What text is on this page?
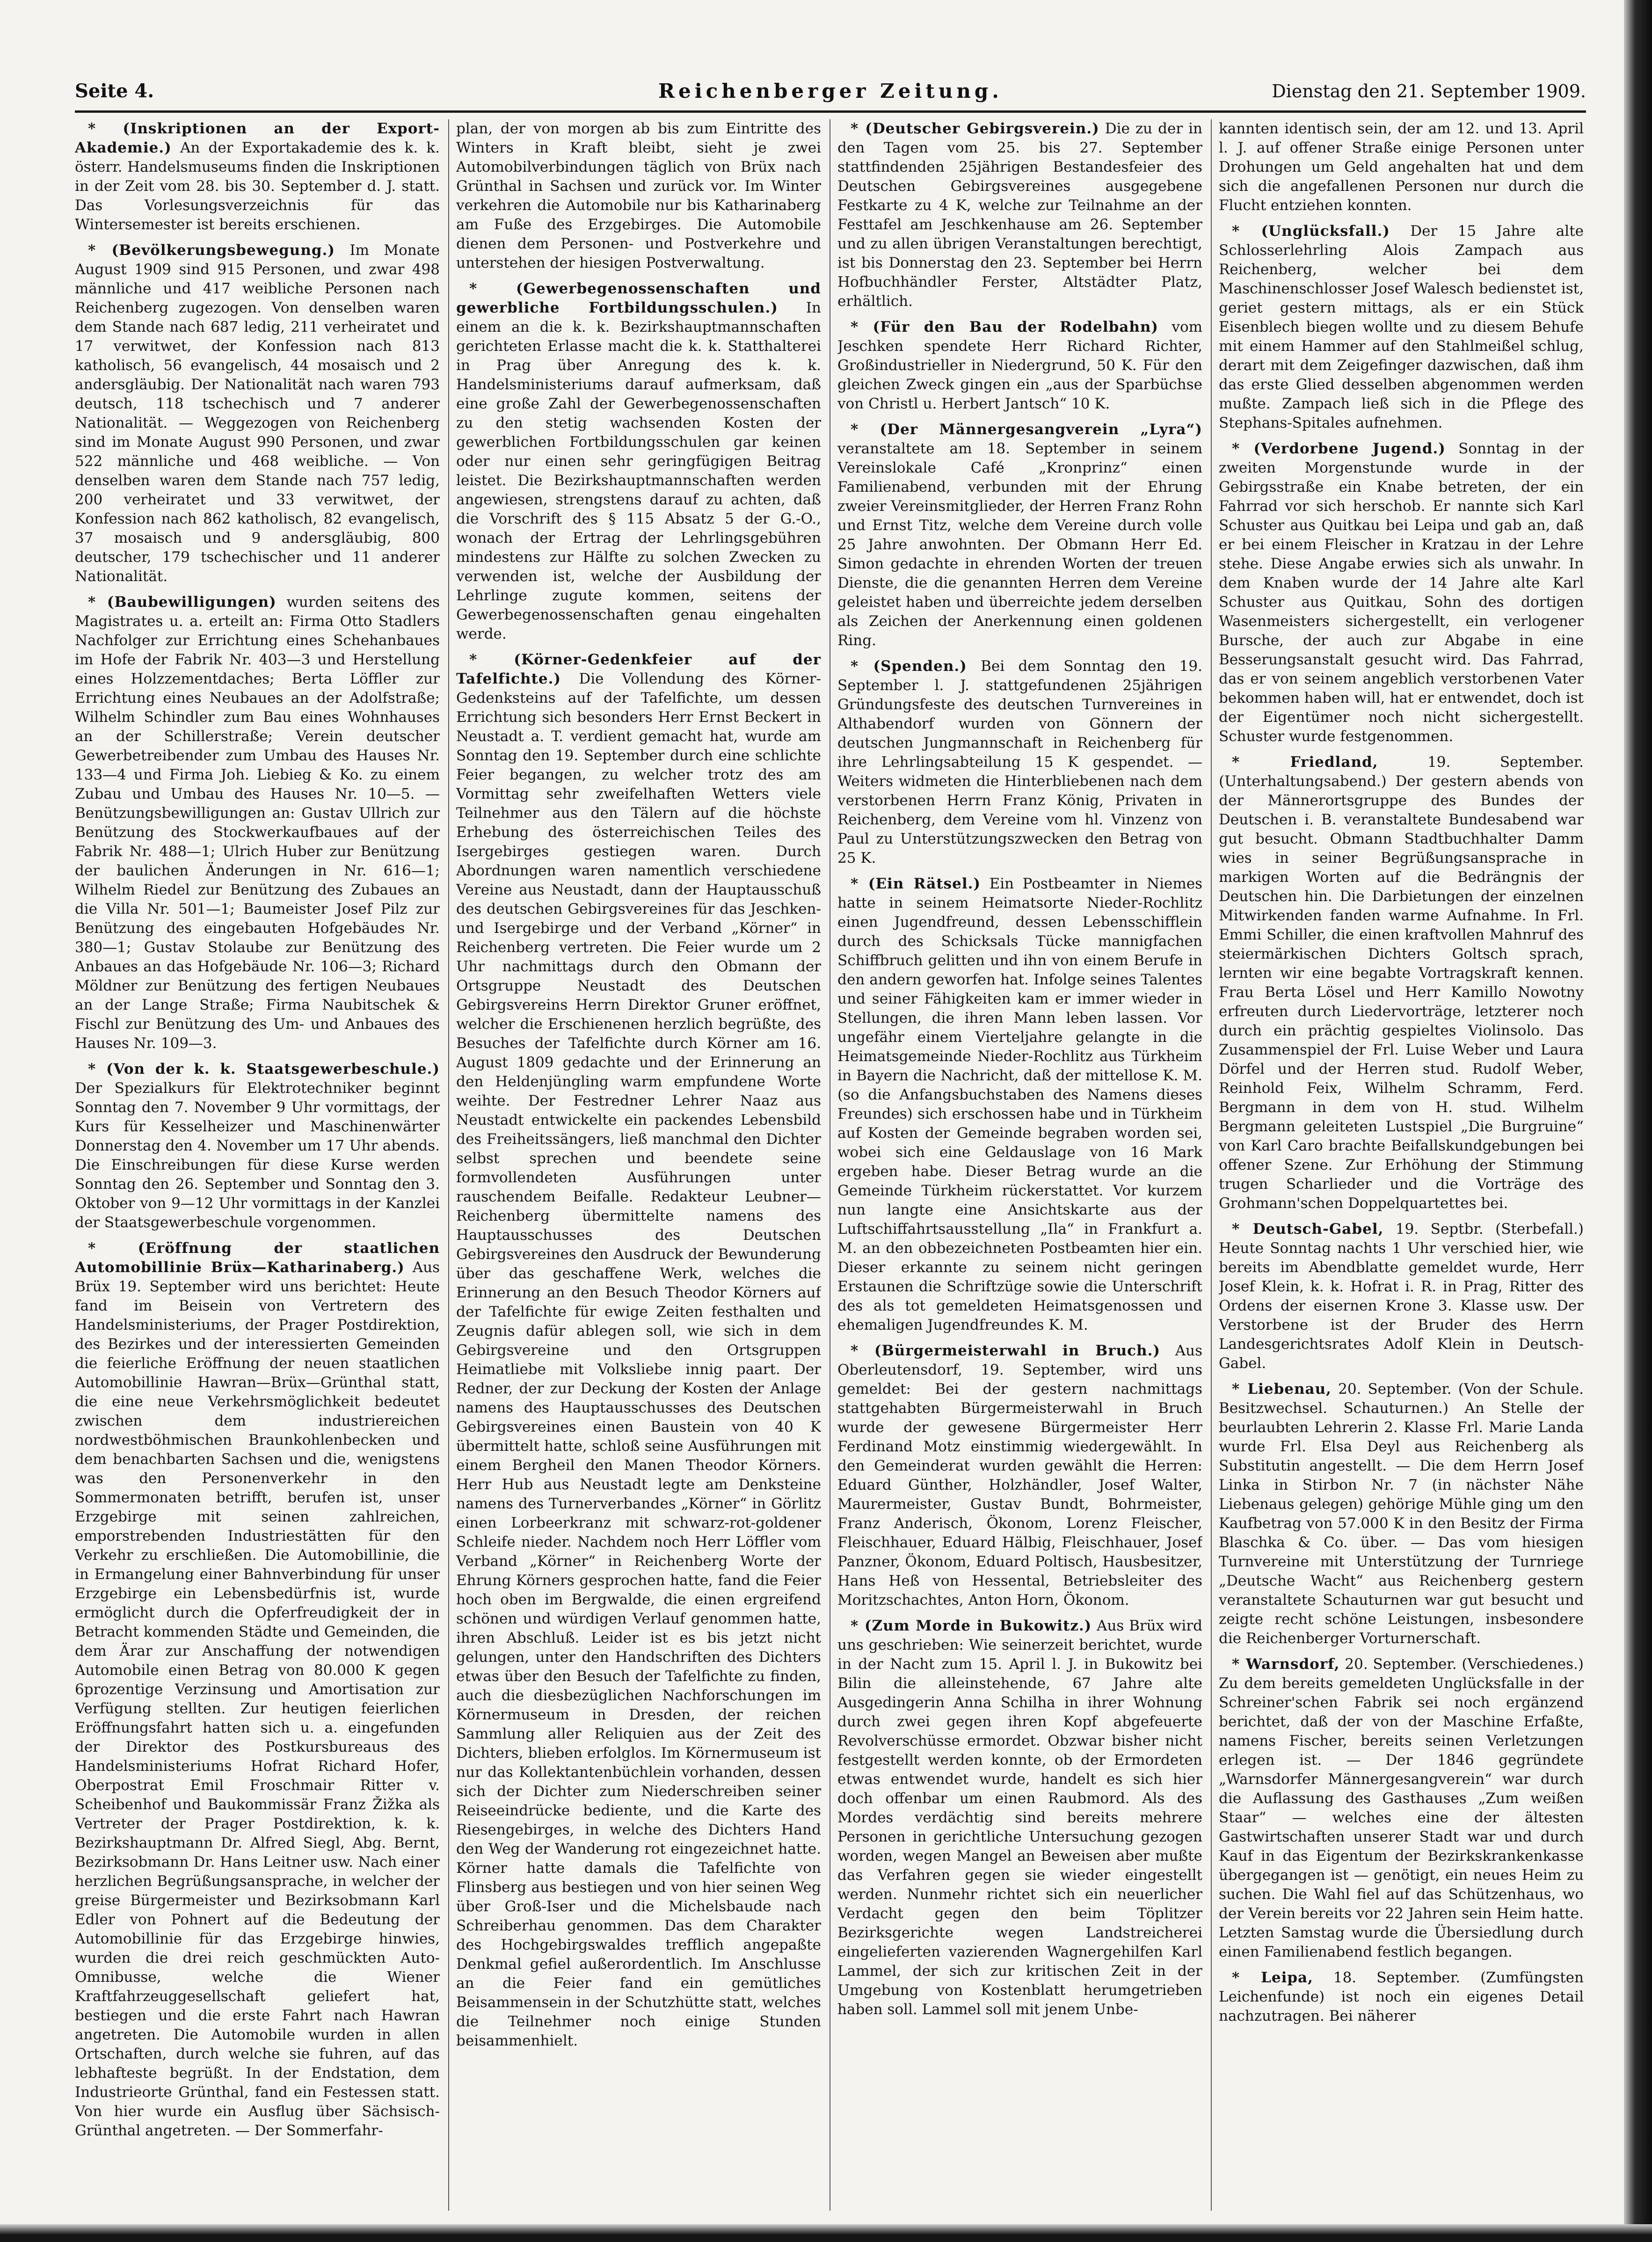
Seite 4.	Reichenberger Zeitung.	Dienstag den 21. September 1909.

* (Inskriptionen an der Export-Akademie.) An der Exportakademie des k. k. österr. Handelsmuseums finden die Inskriptionen in der Zeit vom 28. bis 30. September d. J. statt. Das Vorlesungsverzeichnis für das Wintersemester ist bereits erschienen.

* (Bevölkerungsbewegung.) Im Monate August 1909 sind 915 Personen, und zwar 498 männliche und 417 weibliche Personen nach Reichenberg zugezogen. Von denselben waren dem Stande nach 687 ledig, 211 verheiratet und 17 verwitwet, der Konfession nach 813 katholisch, 56 evangelisch, 44 mosaisch und 2 andersgläubig. Der Nationalität nach waren 793 deutsch, 118 tschechisch und 7 anderer Nationalität. — Weggezogen von Reichenberg sind im Monate August 990 Personen, und zwar 522 männliche und 468 weibliche. — Von denselben waren dem Stande nach 757 ledig, 200 verheiratet und 33 verwitwet, der Konfession nach 862 katholisch, 82 evangelisch, 37 mosaisch und 9 andersgläubig, 800 deutscher, 179 tschechischer und 11 anderer Nationalität.

* (Baubewilligungen) wurden seitens des Magistrates u. a. erteilt an: Firma Otto Stadlers Nachfolger zur Errichtung eines Schehanbaues im Hofe der Fabrik Nr. 403—3 und Herstellung eines Holzzementdaches; Berta Löffler zur Errichtung eines Neubaues an der Adolfstraße; Wilhelm Schindler zum Bau eines Wohnhauses an der Schillerstraße; Verein deutscher Gewerbetreibender zum Umbau des Hauses Nr. 133—4 und Firma Joh. Liebieg & Ko. zu einem Zubau und Umbau des Hauses Nr. 10—5. — Benützungsbewilligungen an: Gustav Ullrich zur Benützung des Stockwerkaufbaues auf der Fabrik Nr. 488—1; Ulrich Huber zur Benützung der baulichen Änderungen in Nr. 616—1; Wilhelm Riedel zur Benützung des Zubaues an die Villa Nr. 501—1; Baumeister Josef Pilz zur Benützung des eingebauten Hofgebäudes Nr. 380—1; Gustav Stolaube zur Benützung des Anbaues an das Hofgebäude Nr. 106—3; Richard Möldner zur Benützung des fertigen Neubaues an der Lange Straße; Firma Naubitschek & Fischl zur Benützung des Um- und Anbaues des Hauses Nr. 109—3.

* (Von der k. k. Staatsgewerbeschule.) Der Spezialkurs für Elektrotechniker beginnt Sonntag den 7. November 9 Uhr vormittags, der Kurs für Kesselheizer und Maschinenwärter Donnerstag den 4. November um 17 Uhr abends. Die Einschreibungen für diese Kurse werden Sonntag den 26. September und Sonntag den 3. Oktober von 9—12 Uhr vormittags in der Kanzlei der Staatsgewerbeschule vorgenommen.

* (Eröffnung der staatlichen Automobillinie Brüx—Katharinaberg.) Aus Brüx 19. September wird uns berichtet: Heute fand im Beisein von Vertretern des Handelsministeriums, der Prager Postdirektion, des Bezirkes und der interessierten Gemeinden die feierliche Eröffnung der neuen staatlichen Automobillinie Hawran—Brüx—Grünthal statt, die eine neue Verkehrsmöglichkeit bedeutet zwischen dem industriereichen nordwestböhmischen Braunkohlenbecken und dem benachbarten Sachsen und die, wenigstens was den Personenverkehr in den Sommermonaten betrifft, berufen ist, unser Erzgebirge mit seinen zahlreichen, emporstrebenden Industriestätten für den Verkehr zu erschließen. Die Automobillinie, die in Ermangelung einer Bahnverbindung für unser Erzgebirge ein Lebensbedürfnis ist, wurde ermöglicht durch die Opferfreudigkeit der in Betracht kommenden Städte und Gemeinden, die dem Ärar zur Anschaffung der notwendigen Automobile einen Betrag von 80.000 K gegen 6prozentige Verzinsung und Amortisation zur Verfügung stellten. Zur heutigen feierlichen Eröffnungsfahrt hatten sich u. a. eingefunden der Direktor des Postkursbureaus des Handelsministeriums Hofrat Richard Hofer, Oberpostrat Emil Froschmair Ritter v. Scheibenhof und Baukommissär Franz Žižka als Vertreter der Prager Postdirektion, k. k. Bezirkshauptmann Dr. Alfred Siegl, Abg. Bernt, Bezirksobmann Dr. Hans Leitner usw. Nach einer herzlichen Begrüßungsansprache, in welcher der greise Bürgermeister und Bezirksobmann Karl Edler von Pohnert auf die Bedeutung der Automobillinie für das Erzgebirge hinwies, wurden die drei reich geschmückten Auto-Omnibusse, welche die Wiener Kraftfahrzeuggesellschaft geliefert hat, bestiegen und die erste Fahrt nach Hawran angetreten. Die Automobile wurden in allen Ortschaften, durch welche sie fuhren, auf das lebhafteste begrüßt. In der Endstation, dem Industrieorte Grünthal, fand ein Festessen statt. Von hier wurde ein Ausflug über Sächsisch-Grünthal angetreten. — Der Sommerfahr-

plan, der von morgen ab bis zum Eintritte des Winters in Kraft bleibt, sieht je zwei Automobilverbindungen täglich von Brüx nach Grünthal in Sachsen und zurück vor. Im Winter verkehren die Automobile nur bis Katharinaberg am Fuße des Erzgebirges. Die Automobile dienen dem Personen- und Postverkehre und unterstehen der hiesigen Postverwaltung.

* (Gewerbegenossenschaften und gewerbliche Fortbildungsschulen.) In einem an die k. k. Bezirkshauptmannschaften gerichteten Erlasse macht die k. k. Statthalterei in Prag über Anregung des k. k. Handelsministeriums darauf aufmerksam, daß eine große Zahl der Gewerbegenossenschaften zu den stetig wachsenden Kosten der gewerblichen Fortbildungsschulen gar keinen oder nur einen sehr geringfügigen Beitrag leistet. Die Bezirkshauptmannschaften werden angewiesen, strengstens darauf zu achten, daß die Vorschrift des § 115 Absatz 5 der G.-O., wonach der Ertrag der Lehrlingsgebühren mindestens zur Hälfte zu solchen Zwecken zu verwenden ist, welche der Ausbildung der Lehrlinge zugute kommen, seitens der Gewerbegenossenschaften genau eingehalten werde.

* (Körner-Gedenkfeier auf der Tafelfichte.) Die Vollendung des Körner-Gedenksteins auf der Tafelfichte, um dessen Errichtung sich besonders Herr Ernst Beckert in Neustadt a. T. verdient gemacht hat, wurde am Sonntag den 19. September durch eine schlichte Feier begangen, zu welcher trotz des am Vormittag sehr zweifelhaften Wetters viele Teilnehmer aus den Tälern auf die höchste Erhebung des österreichischen Teiles des Isergebirges gestiegen waren. Durch Abordnungen waren namentlich verschiedene Vereine aus Neustadt, dann der Hauptausschuß des deutschen Gebirgsvereines für das Jeschken- und Isergebirge und der Verband „Körner“ in Reichenberg vertreten. Die Feier wurde um 2 Uhr nachmittags durch den Obmann der Ortsgruppe Neustadt des Deutschen Gebirgsvereins Herrn Direktor Gruner eröffnet, welcher die Erschienenen herzlich begrüßte, des Besuches der Tafelfichte durch Körner am 16. August 1809 gedachte und der Erinnerung an den Heldenjüngling warm empfundene Worte weihte. Der Festredner Lehrer Naaz aus Neustadt entwickelte ein packendes Lebensbild des Freiheitssängers, ließ manchmal den Dichter selbst sprechen und beendete seine formvollendeten Ausführungen unter rauschendem Beifalle. Redakteur Leubner—Reichenberg übermittelte namens des Hauptausschusses des Deutschen Gebirgsvereines den Ausdruck der Bewunderung über das geschaffene Werk, welches die Erinnerung an den Besuch Theodor Körners auf der Tafelfichte für ewige Zeiten festhalten und Zeugnis dafür ablegen soll, wie sich in dem Gebirgsvereine und den Ortsgruppen Heimatliebe mit Volksliebe innig paart. Der Redner, der zur Deckung der Kosten der Anlage namens des Hauptausschusses des Deutschen Gebirgsvereines einen Baustein von 40 K übermittelt hatte, schloß seine Ausführungen mit einem Bergheil den Manen Theodor Körners. Herr Hub aus Neustadt legte am Denksteine namens des Turnerverbandes „Körner“ in Görlitz einen Lorbeerkranz mit schwarz-rot-goldener Schleife nieder. Nachdem noch Herr Löffler vom Verband „Körner“ in Reichenberg Worte der Ehrung Körners gesprochen hatte, fand die Feier hoch oben im Bergwalde, die einen ergreifend schönen und würdigen Verlauf genommen hatte, ihren Abschluß. Leider ist es bis jetzt nicht gelungen, unter den Handschriften des Dichters etwas über den Besuch der Tafelfichte zu finden, auch die diesbezüglichen Nachforschungen im Körnermuseum in Dresden, der reichen Sammlung aller Reliquien aus der Zeit des Dichters, blieben erfolglos. Im Körnermuseum ist nur das Kollektantenbüchlein vorhanden, dessen sich der Dichter zum Niederschreiben seiner Reiseeindrücke bediente, und die Karte des Riesengebirges, in welche des Dichters Hand den Weg der Wanderung rot eingezeichnet hatte. Körner hatte damals die Tafelfichte von Flinsberg aus bestiegen und von hier seinen Weg über Groß-Iser und die Michelsbaude nach Schreiberhau genommen. Das dem Charakter des Hochgebirgswaldes trefflich angepaßte Denkmal gefiel außerordentlich. Im Anschlusse an die Feier fand ein gemütliches Beisammensein in der Schutzhütte statt, welches die Teilnehmer noch einige Stunden beisammenhielt.

* (Deutscher Gebirgsverein.) Die zu der in den Tagen vom 25. bis 27. September stattfindenden 25jährigen Bestandesfeier des Deutschen Gebirgsvereines ausgegebene Festkarte zu 4 K, welche zur Teilnahme an der Festtafel am Jeschkenhause am 26. September und zu allen übrigen Veranstaltungen berechtigt, ist bis Donnerstag den 23. September bei Herrn Hofbuchhändler Ferster, Altstädter Platz, erhältlich.

* (Für den Bau der Rodelbahn) vom Jeschken spendete Herr Richard Richter, Großindustrieller in Niedergrund, 50 K. Für den gleichen Zweck gingen ein „aus der Sparbüchse von Christl u. Herbert Jantsch“ 10 K.

* (Der Männergesangverein „Lyra“) veranstaltete am 18. September in seinem Vereinslokale Café „Kronprinz“ einen Familienabend, verbunden mit der Ehrung zweier Vereinsmitglieder, der Herren Franz Rohn und Ernst Titz, welche dem Vereine durch volle 25 Jahre anwohnten. Der Obmann Herr Ed. Simon gedachte in ehrenden Worten der treuen Dienste, die die genannten Herren dem Vereine geleistet haben und überreichte jedem derselben als Zeichen der Anerkennung einen goldenen Ring.

* (Spenden.) Bei dem Sonntag den 19. September l. J. stattgefundenen 25jährigen Gründungsfeste des deutschen Turnvereines in Althabendorf wurden von Gönnern der deutschen Jungmannschaft in Reichenberg für ihre Lehrlingsabteilung 15 K gespendet. — Weiters widmeten die Hinterbliebenen nach dem verstorbenen Herrn Franz König, Privaten in Reichenberg, dem Vereine vom hl. Vinzenz von Paul zu Unterstützungszwecken den Betrag von 25 K.

* (Ein Rätsel.) Ein Postbeamter in Niemes hatte in seinem Heimatsorte Nieder-Rochlitz einen Jugendfreund, dessen Lebensschifflein durch des Schicksals Tücke mannigfachen Schiffbruch gelitten und ihn von einem Berufe in den andern geworfen hat. Infolge seines Talentes und seiner Fähigkeiten kam er immer wieder in Stellungen, die ihren Mann leben lassen. Vor ungefähr einem Vierteljahre gelangte in die Heimatsgemeinde Nieder-Rochlitz aus Türkheim in Bayern die Nachricht, daß der mittellose K. M. (so die Anfangsbuchstaben des Namens dieses Freundes) sich erschossen habe und in Türkheim auf Kosten der Gemeinde begraben worden sei, wobei sich eine Geldauslage von 16 Mark ergeben habe. Dieser Betrag wurde an die Gemeinde Türkheim rückerstattet. Vor kurzem nun langte eine Ansichtskarte aus der Luftschiffahrtsausstellung „Ila“ in Frankfurt a. M. an den obbezeichneten Postbeamten hier ein. Dieser erkannte zu seinem nicht geringen Erstaunen die Schriftzüge sowie die Unterschrift des als tot gemeldeten Heimatsgenossen und ehemaligen Jugendfreundes K. M.

* (Bürgermeisterwahl in Bruch.) Aus Oberleutensdorf, 19. September, wird uns gemeldet: Bei der gestern nachmittags stattgehabten Bürgermeisterwahl in Bruch wurde der gewesene Bürgermeister Herr Ferdinand Motz einstimmig wiedergewählt. In den Gemeinderat wurden gewählt die Herren: Eduard Günther, Holzhändler, Josef Walter, Maurermeister, Gustav Bundt, Bohrmeister, Franz Anderisch, Ökonom, Lorenz Fleischer, Fleischhauer, Eduard Hälbig, Fleischhauer, Josef Panzner, Ökonom, Eduard Poltisch, Hausbesitzer, Hans Heß von Hessental, Betriebsleiter des Moritzschachtes, Anton Horn, Ökonom.

* (Zum Morde in Bukowitz.) Aus Brüx wird uns geschrieben: Wie seinerzeit berichtet, wurde in der Nacht zum 15. April l. J. in Bukowitz bei Bilin die alleinstehende, 67 Jahre alte Ausgedingerin Anna Schilha in ihrer Wohnung durch zwei gegen ihren Kopf abgefeuerte Revolverschüsse ermordet. Obzwar bisher nicht festgestellt werden konnte, ob der Ermordeten etwas entwendet wurde, handelt es sich hier doch offenbar um einen Raubmord. Als des Mordes verdächtig sind bereits mehrere Personen in gerichtliche Untersuchung gezogen worden, wegen Mangel an Beweisen aber mußte das Verfahren gegen sie wieder eingestellt werden. Nunmehr richtet sich ein neuerlicher Verdacht gegen den beim Töplitzer Bezirksgerichte wegen Landstreicherei eingelieferten vazierenden Wagnergehilfen Karl Lammel, der sich zur kritischen Zeit in der Umgebung von Kostenblatt herumgetrieben haben soll. Lammel soll mit jenem Unbe-

kannten identisch sein, der am 12. und 13. April l. J. auf offener Straße einige Personen unter Drohungen um Geld angehalten hat und dem sich die angefallenen Personen nur durch die Flucht entziehen konnten.

* (Unglücksfall.) Der 15 Jahre alte Schlosserlehrling Alois Zampach aus Reichenberg, welcher bei dem Maschinenschlosser Josef Walesch bedienstet ist, geriet gestern mittags, als er ein Stück Eisenblech biegen wollte und zu diesem Behufe mit einem Hammer auf den Stahlmeißel schlug, derart mit dem Zeigefinger dazwischen, daß ihm das erste Glied desselben abgenommen werden mußte. Zampach ließ sich in die Pflege des Stephans-Spitales aufnehmen.

* (Verdorbene Jugend.) Sonntag in der zweiten Morgenstunde wurde in der Gebirgsstraße ein Knabe betreten, der ein Fahrrad vor sich herschob. Er nannte sich Karl Schuster aus Quitkau bei Leipa und gab an, daß er bei einem Fleischer in Kratzau in der Lehre stehe. Diese Angabe erwies sich als unwahr. In dem Knaben wurde der 14 Jahre alte Karl Schuster aus Quitkau, Sohn des dortigen Wasenmeisters sichergestellt, ein verlogener Bursche, der auch zur Abgabe in eine Besserungsanstalt gesucht wird. Das Fahrrad, das er von seinem angeblich verstorbenen Vater bekommen haben will, hat er entwendet, doch ist der Eigentümer noch nicht sichergestellt. Schuster wurde festgenommen.

* Friedland, 19. September. (Unterhaltungsabend.) Der gestern abends von der Männerortsgruppe des Bundes der Deutschen i. B. veranstaltete Bundesabend war gut besucht. Obmann Stadtbuchhalter Damm wies in seiner Begrüßungsansprache in markigen Worten auf die Bedrängnis der Deutschen hin. Die Darbietungen der einzelnen Mitwirkenden fanden warme Aufnahme. In Frl. Emmi Schiller, die einen kraftvollen Mahnruf des steiermärkischen Dichters Goltsch sprach, lernten wir eine begabte Vortragskraft kennen. Frau Berta Lösel und Herr Kamillo Nowotny erfreuten durch Liedervorträge, letzterer noch durch ein prächtig gespieltes Violinsolo. Das Zusammenspiel der Frl. Luise Weber und Laura Dörfel und der Herren stud. Rudolf Weber, Reinhold Feix, Wilhelm Schramm, Ferd. Bergmann in dem von H. stud. Wilhelm Bergmann geleiteten Lustspiel „Die Burgruine“ von Karl Caro brachte Beifallskundgebungen bei offener Szene. Zur Erhöhung der Stimmung trugen Scharlieder und die Vorträge des Grohmann'schen Doppelquartettes bei.

* Deutsch-Gabel, 19. Septbr. (Sterbefall.) Heute Sonntag nachts 1 Uhr verschied hier, wie bereits im Abendblatte gemeldet wurde, Herr Josef Klein, k. k. Hofrat i. R. in Prag, Ritter des Ordens der eisernen Krone 3. Klasse usw. Der Verstorbene ist der Bruder des Herrn Landesgerichtsrates Adolf Klein in Deutsch-Gabel.

* Liebenau, 20. September. (Von der Schule. Besitzwechsel. Schauturnen.) An Stelle der beurlaubten Lehrerin 2. Klasse Frl. Marie Landa wurde Frl. Elsa Deyl aus Reichenberg als Substitutin angestellt. — Die dem Herrn Josef Linka in Stirbon Nr. 7 (in nächster Nähe Liebenaus gelegen) gehörige Mühle ging um den Kaufbetrag von 57.000 K in den Besitz der Firma Blaschka & Co. über. — Das vom hiesigen Turnvereine mit Unterstützung der Turnriege „Deutsche Wacht“ aus Reichenberg gestern veranstaltete Schauturnen war gut besucht und zeigte recht schöne Leistungen, insbesondere die Reichenberger Vorturnerschaft.

* Warnsdorf, 20. September. (Verschiedenes.) Zu dem bereits gemeldeten Unglücksfalle in der Schreiner'schen Fabrik sei noch ergänzend berichtet, daß der von der Maschine Erfaßte, namens Fischer, bereits seinen Verletzungen erlegen ist. — Der 1846 gegründete „Warnsdorfer Männergesangverein“ war durch die Auflassung des Gasthauses „Zum weißen Staar“ — welches eine der ältesten Gastwirtschaften unserer Stadt war und durch Kauf in das Eigentum der Bezirkskrankenkasse übergegangen ist — genötigt, ein neues Heim zu suchen. Die Wahl fiel auf das Schützenhaus, wo der Verein bereits vor 22 Jahren sein Heim hatte. Letzten Samstag wurde die Übersiedlung durch einen Familienabend festlich begangen.

* Leipa, 18. September. (Zumfüngsten Leichenfunde) ist noch ein eigenes Detail nachzutragen. Bei näherer
